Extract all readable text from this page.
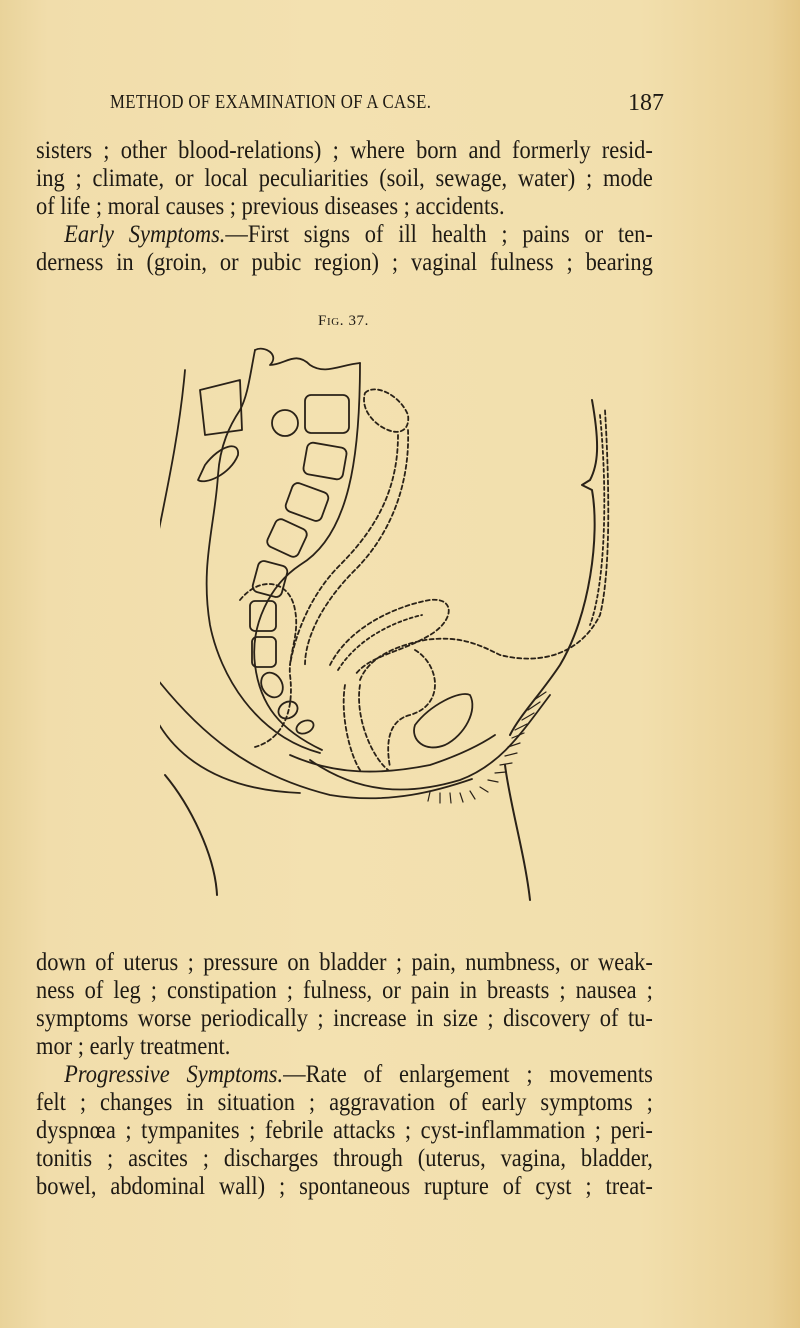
METHOD OF EXAMINATION OF A CASE.	187
sisters ; other blood-relations) ; where born and formerly resid-
ing ; climate, or local peculiarities (soil, sewage, water) ; mode
of life ; moral causes ; previous diseases ; accidents.
Early Symptoms.—First signs of ill health ; pains or ten-
derness in (groin, or pubic region) ; vaginal fulness ; bearing
Fig. 37.
down of uterus ; pressure on bladder ; pain, numbness, or weak-
ness of leg ; constipation ; fulness, or pain in breasts ; nausea ;
symptoms worse periodically ; increase in size ; discovery of tu-
mor ; early treatment.
Progressive Symptoms.—Rate of enlargement ; movements
felt ; changes in situation ; aggravation of early symptoms ;
dyspnœa ; tympanites ; febrile attacks ; cyst-inflammation ; peri-
tonitis ; ascites ; discharges through (uterus, vagina, bladder,
bowel, abdominal wall) ; spontaneous rupture of cyst ; treat-
